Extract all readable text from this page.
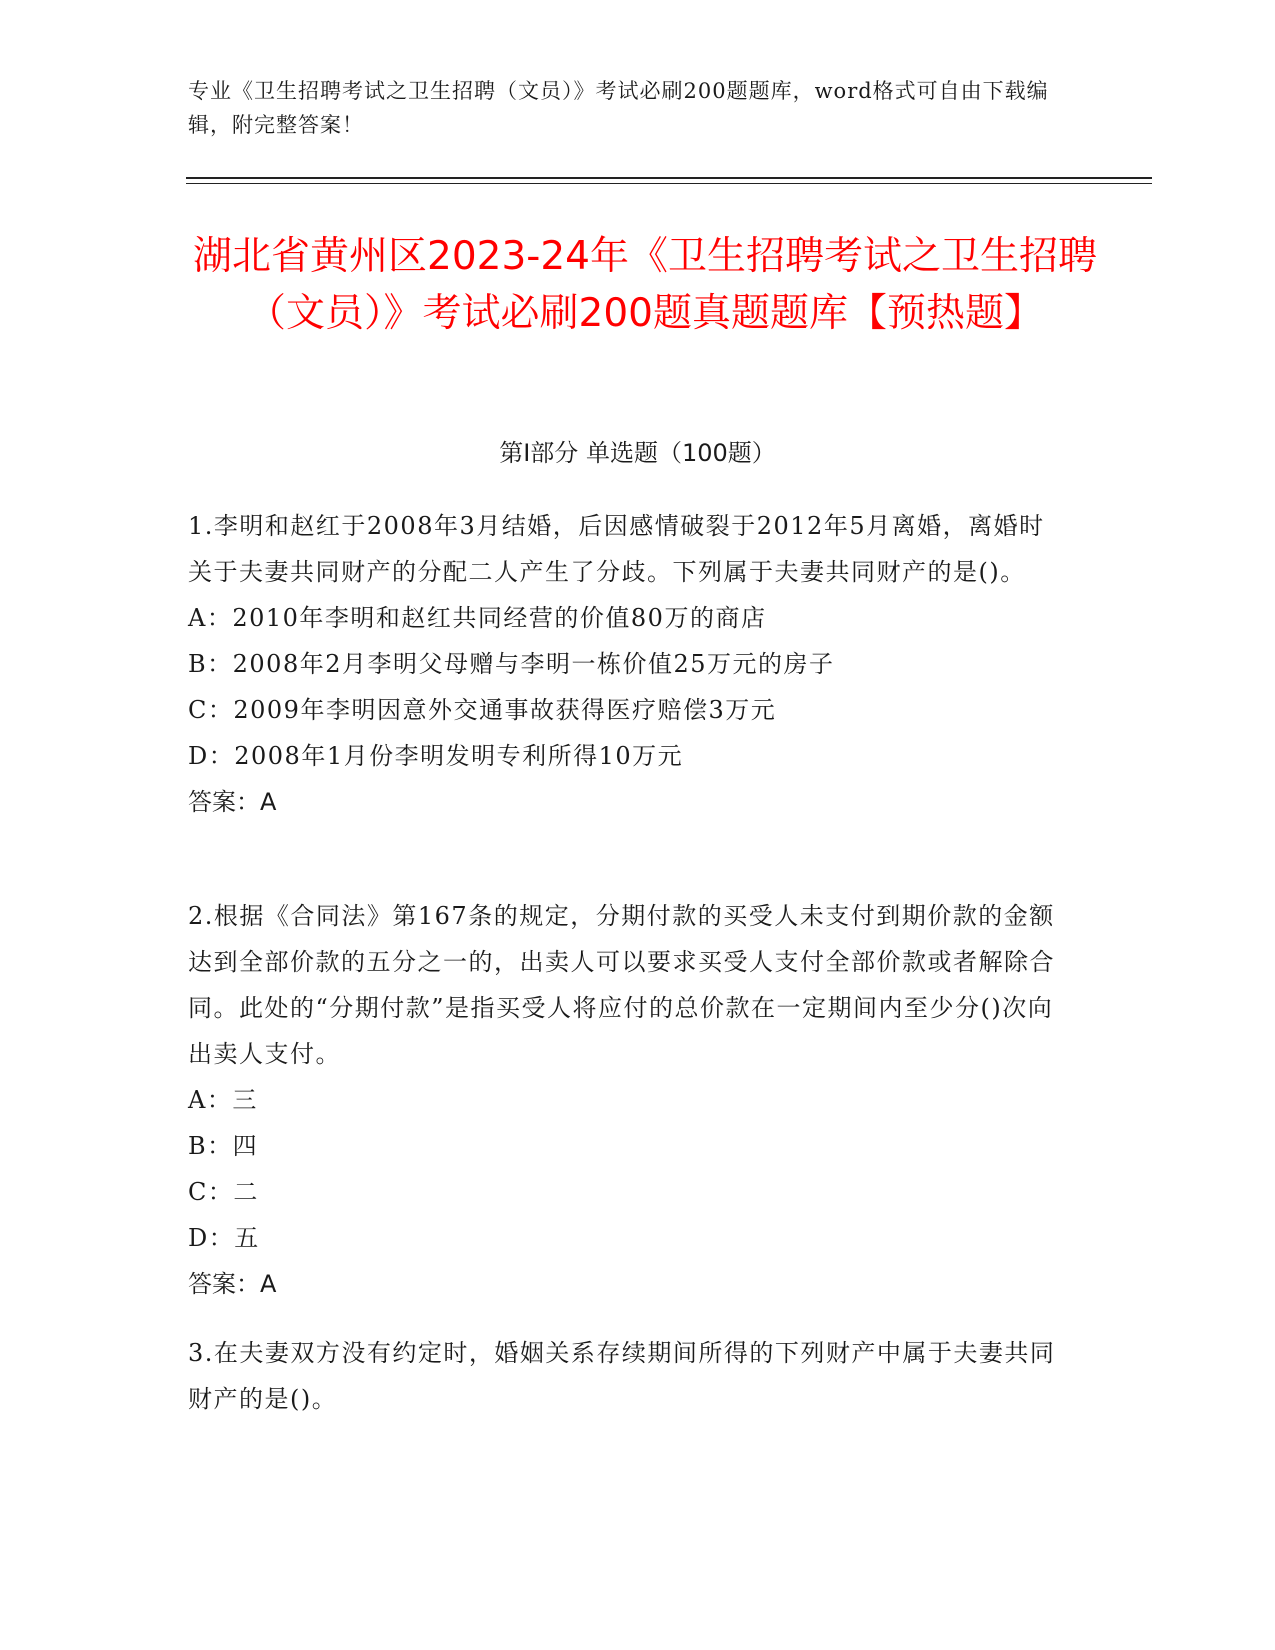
专业《卫生招聘考试之卫生招聘（文员）》考试必刷200题题库，word格式可自由下载编辑，附完整答案！
湖北省黄州区2023-24年《卫生招聘考试之卫生招聘（文员）》考试必刷200题真题题库【预热题】
第I部分 单选题（100题）
1.李明和赵红于2008年3月结婚，后因感情破裂于2012年5月离婚，离婚时关于夫妻共同财产的分配二人产生了分歧。下列属于夫妻共同财产的是()。
A：2010年李明和赵红共同经营的价值80万的商店
B：2008年2月李明父母赠与李明一栋价值25万元的房子
C：2009年李明因意外交通事故获得医疗赔偿3万元
D：2008年1月份李明发明专利所得10万元
答案：A
2.根据《合同法》第167条的规定，分期付款的买受人未支付到期价款的金额达到全部价款的五分之一的，出卖人可以要求买受人支付全部价款或者解除合同。此处的“分期付款”是指买受人将应付的总价款在一定期间内至少分()次向出卖人支付。
A：三
B：四
C：二
D：五
答案：A
3.在夫妻双方没有约定时，婚姻关系存续期间所得的下列财产中属于夫妻共同财产的是()。
